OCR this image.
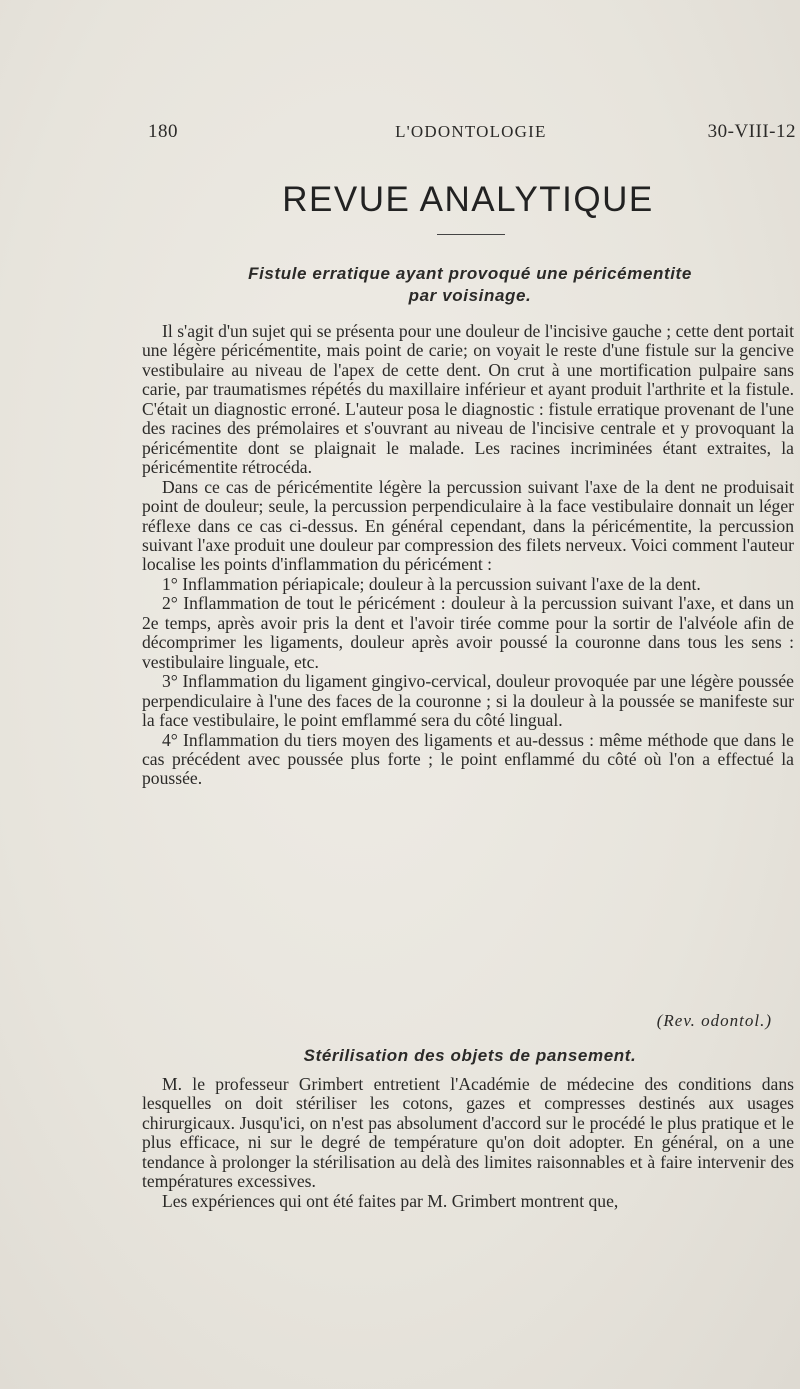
180	L'ODONTOLOGIE	30-VIII-12
REVUE ANALYTIQUE
Fistule erratique ayant provoqué une péricémentite
par voisinage.

Il s'agit d'un sujet qui se présenta pour une douleur de l'incisive gauche ; cette dent portait une légère péricémentite, mais point de carie; on voyait le reste d'une fistule sur la gencive vestibulaire au niveau de l'apex de cette dent. On crut à une mortification pulpaire sans carie, par traumatismes répétés du maxillaire inférieur et ayant produit l'arthrite et la fistule. C'était un diagnostic erroné. L'auteur posa le diagnostic : fistule erratique provenant de l'une des racines des prémolaires et s'ouvrant au niveau de l'incisive centrale et y provoquant la péricémentite dont se plaignait le malade. Les racines incriminées étant extraites, la péricémentite rétrocéda.

Dans ce cas de péricémentite légère la percussion suivant l'axe de la dent ne produisait point de douleur; seule, la percussion perpendiculaire à la face vestibulaire donnait un léger réflexe dans ce cas ci-dessus. En général cependant, dans la péricémentite, la percussion suivant l'axe produit une douleur par compression des filets nerveux. Voici comment l'auteur localise les points d'inflammation du péricément :

1° Inflammation périapicale; douleur à la percussion suivant l'axe de la dent.

2° Inflammation de tout le péricément : douleur à la percussion suivant l'axe, et dans un 2e temps, après avoir pris la dent et l'avoir tirée comme pour la sortir de l'alvéole afin de décomprimer les ligaments, douleur après avoir poussé la couronne dans tous les sens : vestibulaire linguale, etc.

3° Inflammation du ligament gingivo-cervical, douleur provoquée par une légère poussée perpendiculaire à l'une des faces de la couronne ; si la douleur à la poussée se manifeste sur la face vestibulaire, le point emflammé sera du côté lingual.

4° Inflammation du tiers moyen des ligaments et au-dessus : même méthode que dans le cas précédent avec poussée plus forte ; le point enflammé du côté où l'on a effectué la poussée.

(Rev. odontol.)
Stérilisation des objets de pansement.

M. le professeur Grimbert entretient l'Académie de médecine des conditions dans lesquelles on doit stériliser les cotons, gazes et compresses destinés aux usages chirurgicaux. Jusqu'ici, on n'est pas absolument d'accord sur le procédé le plus pratique et le plus efficace, ni sur le degré de température qu'on doit adopter. En général, on a une tendance à prolonger la stérilisation au delà des limites raisonnables et à faire intervenir des températures excessives.

Les expériences qui ont été faites par M. Grimbert montrent que,
